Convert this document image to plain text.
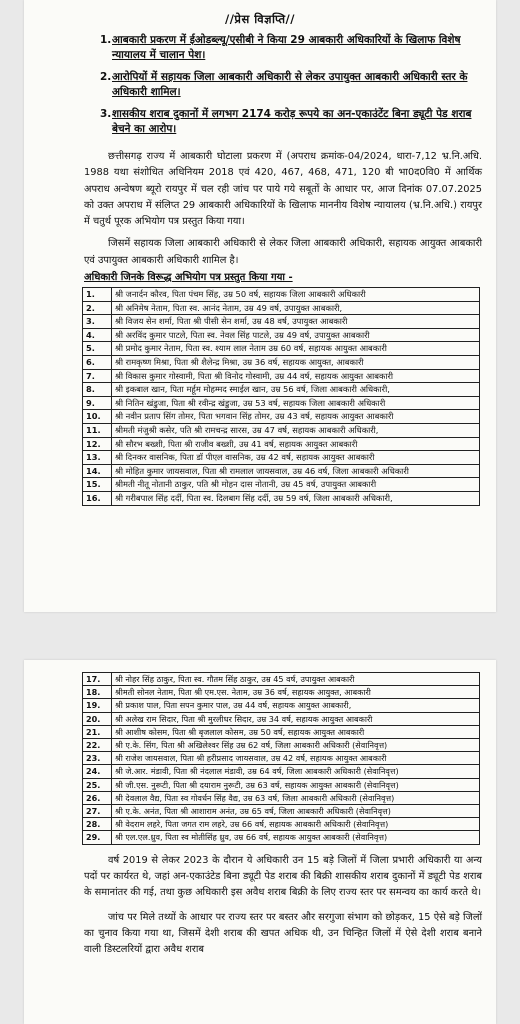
//प्रेस विज्ञप्ति//
1. आबकारी प्रकरण में ईओडब्ल्यू/एसीबी ने किया 29 आबकारी अधिकारियों के खिलाफ विशेष न्यायालय में चालान पेश।
2. आरोपियों में सहायक जिला आबकारी अधिकारी से लेकर उपायुक्त आबकारी अधिकारी स्तर के अधिकारी शामिल।
3. शासकीय शराब दुकानों में लगभग 2174 करोड़ रूपये का अन-एकाउंटेंट बिना ड्यूटी पेड शराब बेचने का आरोप।

छत्तीसगढ़ राज्य में आबकारी घोटाला प्रकरण में (अपराध क्रमांक-04/2024, धारा-7,12 भ्र.नि.अधि. 1988 यथा संशोधित अधिनियम 2018 एवं 420, 467, 468, 471, 120 बी भा0द0वि0 में आर्थिक अपराध अन्वेषण ब्यूरो रायपुर में चल रही जांच पर पाये गये सबूतों के आधार पर, आज दिनांक 07.07.2025 को उक्त अपराध में संलिप्त 29 आबकारी अधिकारियों के खिलाफ माननीय विशेष न्यायालय (भ्र.नि.अधि.) रायपुर में चतुर्थ पूरक अभियोग पत्र प्रस्तुत किया गया।

जिसमें सहायक जिला आबकारी अधिकारी से लेकर जिला आबकारी अधिकारी, सहायक आयुक्त आबकारी एवं उपायुक्त आबकारी अधिकारी शामिल है।

अधिकारी जिनके विरूद्ध अभियोग पत्र प्रस्तुत किया गया -
1.	श्री जनार्दन कौरव, पिता पंचम सिंह, उम्र 50 वर्ष, सहायक जिला आबकारी अधिकारी
2.	श्री अनिमेष नेताम, पिता स्व. आनंद नेताम, उम्र 49 वर्ष, उपायुक्त आबकारी,
3.	श्री विजय सेन शर्मा, पिता श्री पीसी सेन शर्मा, उम्र 48 वर्ष, उपायुक्त आबकारी
4.	श्री अरविंद कुमार पाटले, पिता स्व. नेवल सिंह पाटले, उम्र 49 वर्ष, उपायुक्त आबकारी
5.	श्री प्रमोद कुमार नेताम, पिता स्व. श्याम लाल नेताम उम्र 60 वर्ष, सहायक आयुक्त आबकारी
6.	श्री रामकृष्ण मिश्रा, पिता श्री शैलेन्द्र मिश्रा, उम्र 36 वर्ष, सहायक आयुक्त, आबकारी
7.	श्री विकास कुमार गोस्वामी, पिता श्री विनोद गोस्वामी, उम्र 44 वर्ष, सहायक आयुक्त आबकारी
8.	श्री इकबाल खान, पिता मर्हूम मोहम्मद स्माईल खान, उम्र 56 वर्ष, जिला आबकारी अधिकारी,
9.	श्री नितिन खंडुजा, पिता श्री रवीन्द्र खंडुजा, उम्र 53 वर्ष, सहायक जिला आबकारी अधिकारी
10.	श्री नवीन प्रताप सिंग तोमर, पिता भगवान सिंह तोमर, उम्र 43 वर्ष, सहायक आयुक्त आबकारी
11.	श्रीमती मंजुश्री कसेर, पति श्री रामचन्द्र सारस, उम्र 47 वर्ष, सहायक आबकारी अधिकारी,
12.	श्री सौरभ बख्शी, पिता श्री राजीव बख्शी, उम्र 41 वर्ष, सहायक आयुक्त आबकारी
13.	श्री दिनकर वासनिक, पिता डॉ पीएल वासनिक, उम्र 42 वर्ष, सहायक आयुक्त आबकारी
14.	श्री मोहित कुमार जायसवाल, पिता श्री रामलाल जायसवाल, उम्र 46 वर्ष, जिला आबकारी अधिकारी
15.	श्रीमती नीतू नोतानी ठाकुर, पति श्री मोहन दास नोतानी, उम्र 45 वर्ष, उपायुक्त आबकारी
16.	श्री गरीबपाल सिंह दर्दी, पिता स्व. दिलबाग सिंह दर्दी, उम्र 59 वर्ष, जिला आबकारी अधिकारी,
17.	श्री नोहर सिंह ठाकुर, पिता स्व. गौतम सिंह ठाकुर, उम्र 45 वर्ष, उपायुक्त आबकारी
18.	श्रीमती सोनल नेताम, पिता श्री एम.एस. नेताम, उम्र 36 वर्ष, सहायक आयुक्त, आबकारी
19.	श्री प्रकाश पाल, पिता सपन कुमार पाल, उम्र 44 वर्ष, सहायक आयुक्त आबकारी,
20.	श्री अलेख राम सिदार, पिता श्री मुरलीधर सिदार, उम्र 34 वर्ष, सहायक आयुक्त आबकारी
21.	श्री आशीष कोसम, पिता श्री बृजलाल कोसम, उम्र 50 वर्ष, सहायक आयुक्त आबकारी
22.	श्री ए.के. सिंग, पिता श्री अखिलेश्वर सिंह उम्र 62 वर्ष, जिला आबकारी अधिकारी (सेवानिवृत्त)
23.	श्री राजेश जायसवाल, पिता श्री हरीप्रसाद जायसवाल, उम्र 42 वर्ष, सहायक आयुक्त आबकारी
24.	श्री जे.आर. मंडावी, पिता श्री नंदलाल मंडावी, उम्र 64 वर्ष, जिला आबकारी अधिकारी (सेवानिवृत्त)
25.	श्री जी.एस. नुरूटी, पिता श्री दयाराम नुरूटी, उम्र 63 वर्ष, सहायक आयुक्त आबकारी (सेवानिवृत्त)
26.	श्री देवलाल वैद्य, पिता स्व गोवर्धन सिंह वैद्य, उम्र 63 वर्ष, जिला आबकारी अधिकारी (सेवानिवृत्त)
27.	श्री ए.के. अनंत, पिता श्री आशाराम अनंत, उम्र 65 वर्ष, जिला आबकारी अधिकारी (सेवानिवृत्त)
28.	श्री वेदराम लहरे, पिता जगत राम लहरे, उम्र 66 वर्ष, सहायक आबकारी अधिकारी (सेवानिवृत्त)
29.	श्री एल.एल.ध्रुव, पिता स्व मोतीसिंह ध्रुव, उम्र 66 वर्ष, सहायक आयुक्त आबकारी (सेवानिवृत्त)

वर्ष 2019 से लेकर 2023 के दौरान ये अधिकारी उन 15 बड़े जिलों में जिला प्रभारी अधिकारी या अन्य पदों पर कार्यरत थे, जहां अन-एकाउंटेड बिना ड्यूटी पेड शराब की बिक्री शासकीय शराब दुकानों में ड्यूटी पेड शराब के समानांतर की गई, तथा कुछ अधिकारी इस अवैध शराब बिक्री के लिए राज्य स्तर पर समन्वय का कार्य करते थे।

जांच पर मिले तथ्यों के आधार पर राज्य स्तर पर बस्तर और सरगुजा संभाग को छोड़कर, 15 ऐसे बड़े जिलों का चुनाव किया गया था, जिसमें देशी शराब की खपत अधिक थी, उन चिन्हित जिलों में ऐसे देशी शराब बनाने वाली डिस्टलरियों द्वारा अवैध शराब
